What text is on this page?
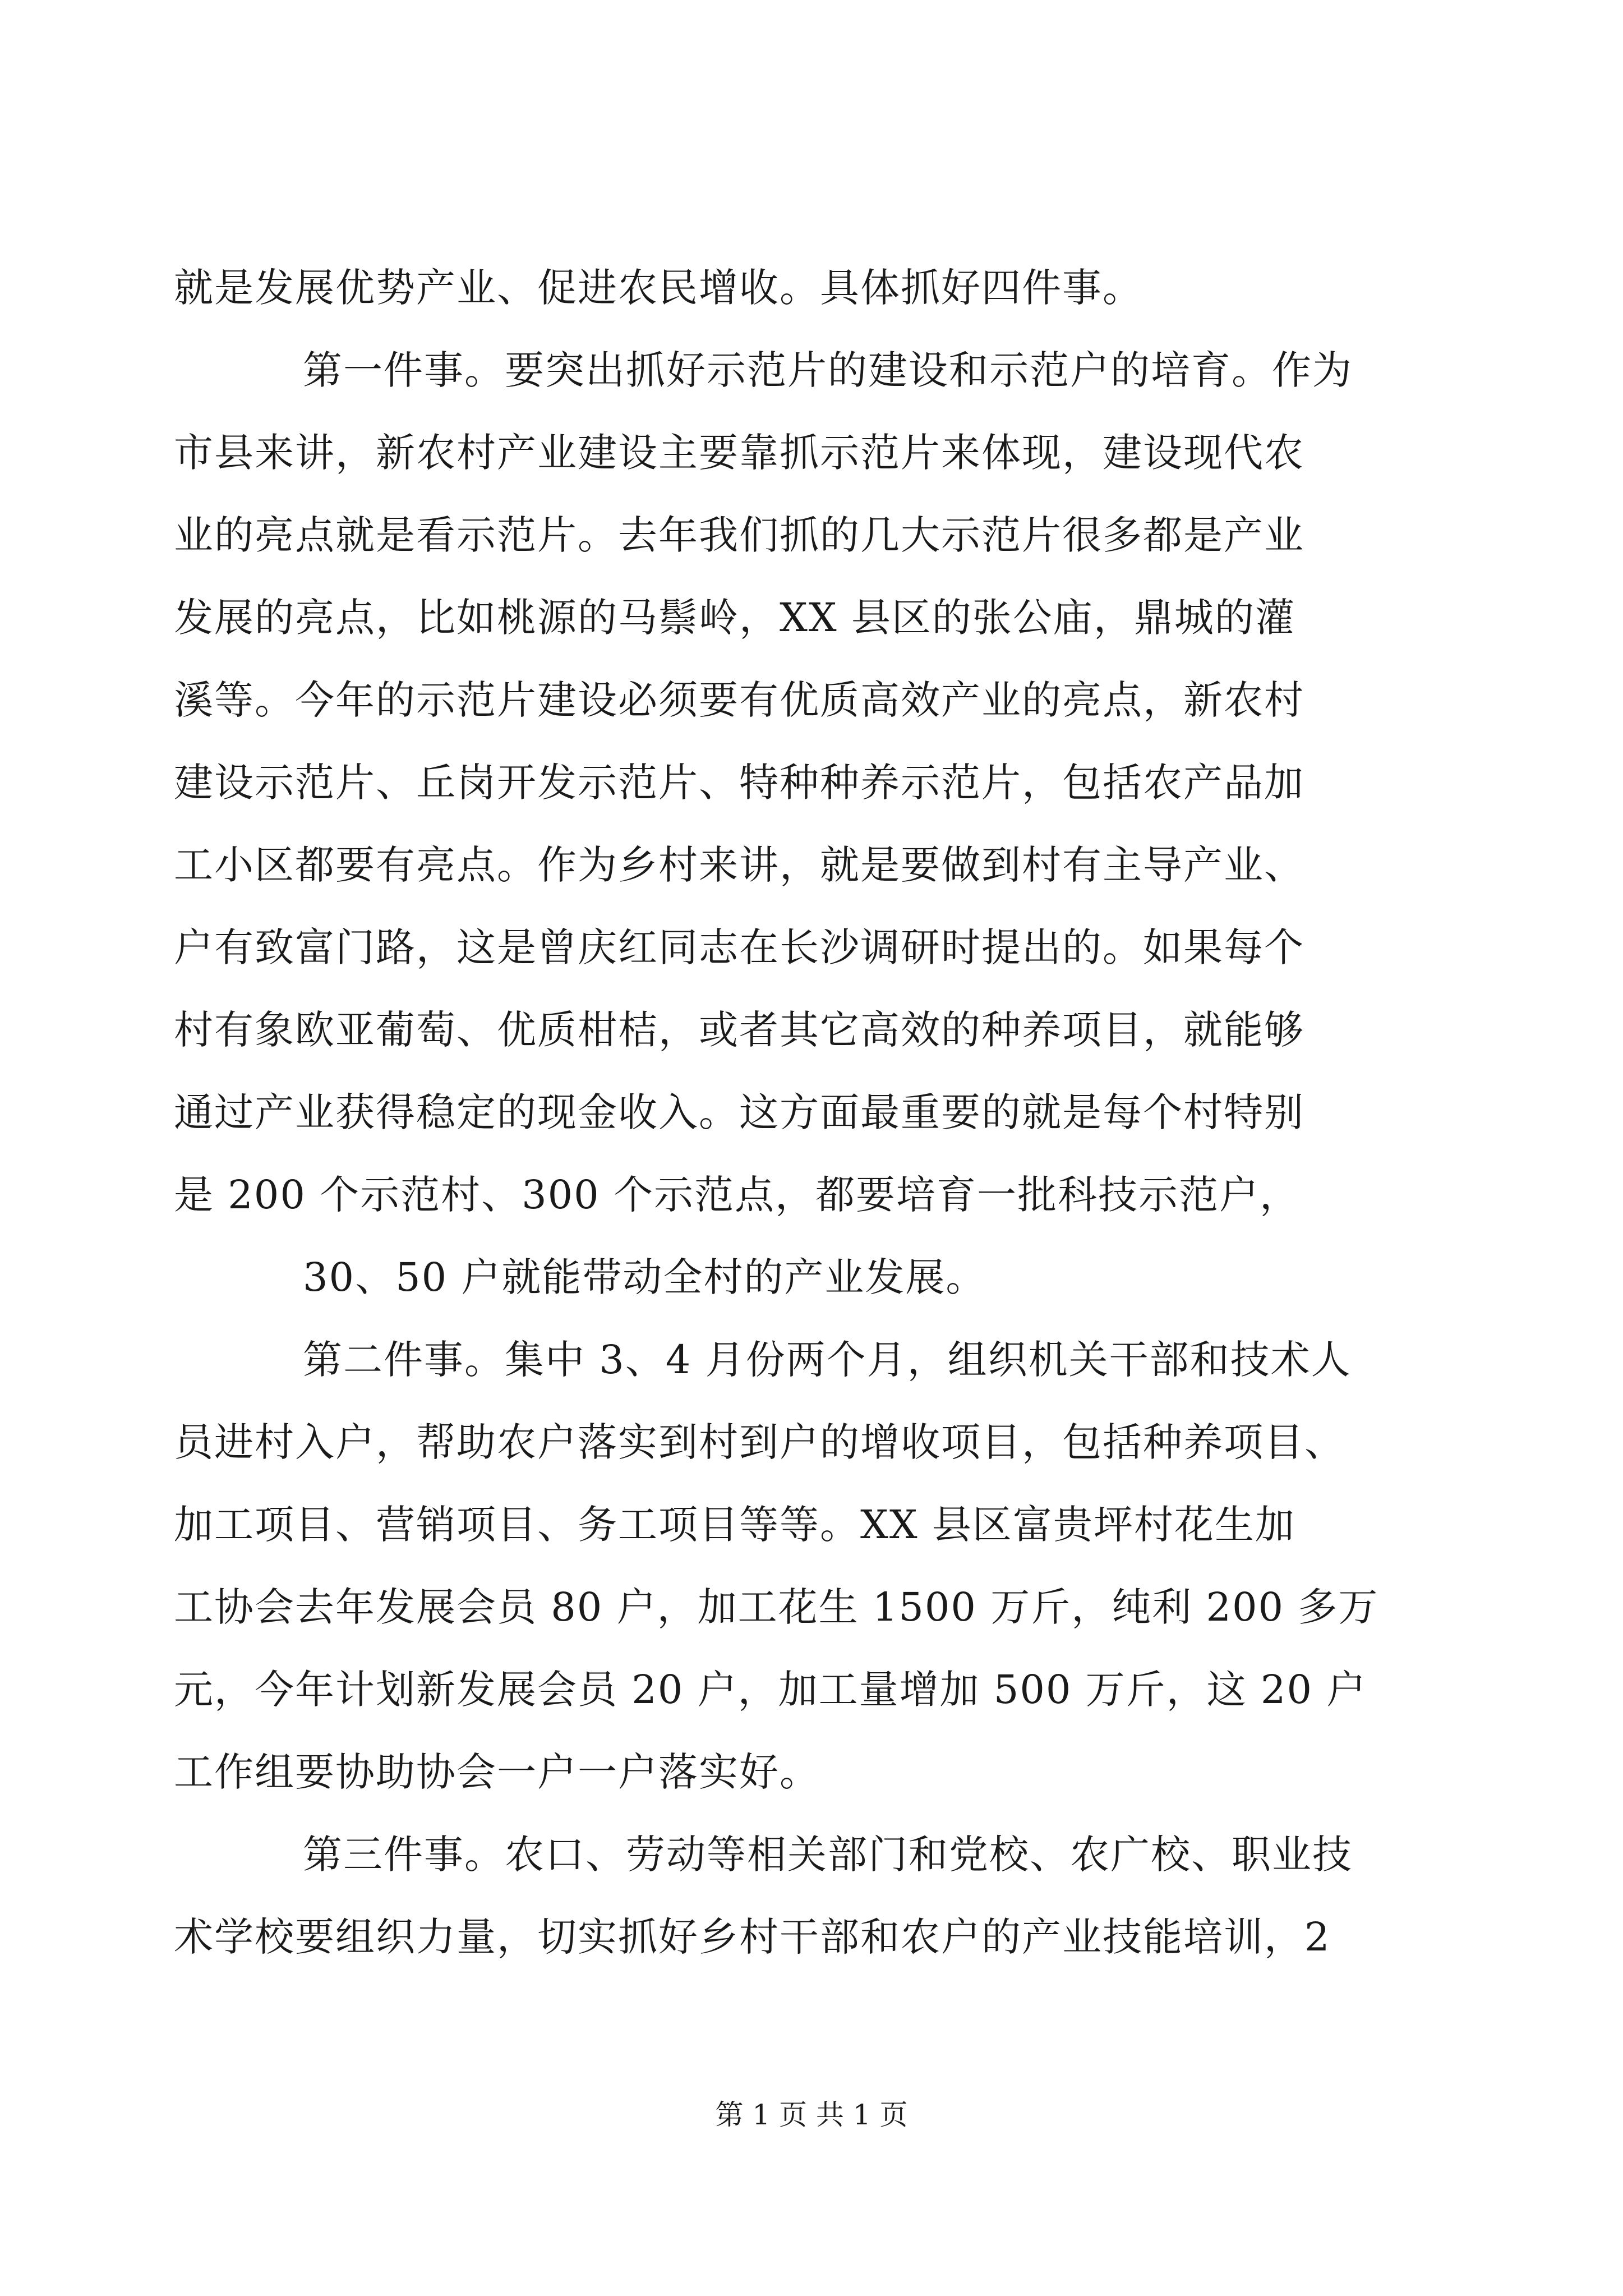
就是发展优势产业、促进农民增收。具体抓好四件事。
第一件事。要突出抓好示范片的建设和示范户的培育。作为
市县来讲，新农村产业建设主要靠抓示范片来体现，建设现代农
业的亮点就是看示范片。去年我们抓的几大示范片很多都是产业
发展的亮点，比如桃源的马鬃岭，XX 县区的张公庙，鼎城的灌
溪等。今年的示范片建设必须要有优质高效产业的亮点，新农村
建设示范片、丘岗开发示范片、特种种养示范片，包括农产品加
工小区都要有亮点。作为乡村来讲，就是要做到村有主导产业、
户有致富门路，这是曾庆红同志在长沙调研时提出的。如果每个
村有象欧亚葡萄、优质柑桔，或者其它高效的种养项目，就能够
通过产业获得稳定的现金收入。这方面最重要的就是每个村特别
是 200 个示范村、300 个示范点，都要培育一批科技示范户，
30、50 户就能带动全村的产业发展。
第二件事。集中 3、4 月份两个月，组织机关干部和技术人
员进村入户，帮助农户落实到村到户的增收项目，包括种养项目、
加工项目、营销项目、务工项目等等。XX 县区富贵坪村花生加
工协会去年发展会员 80 户，加工花生 1500 万斤，纯利 200 多万
元，今年计划新发展会员 20 户，加工量增加 500 万斤，这 20 户
工作组要协助协会一户一户落实好。
第三件事。农口、劳动等相关部门和党校、农广校、职业技
术学校要组织力量，切实抓好乡村干部和农户的产业技能培训，2
第 1 页 共 1 页
